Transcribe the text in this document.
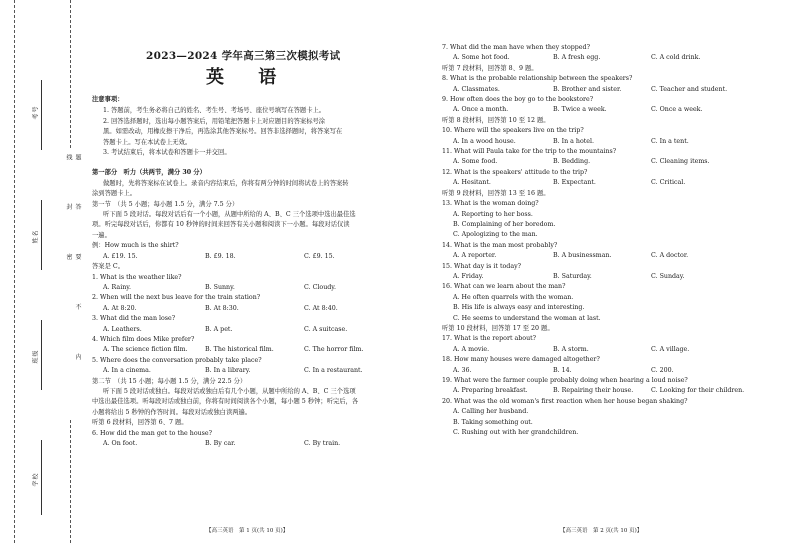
考号
姓名
班级
学校
题 答 要 不 内 线 封 密
2023—2024 学年高三第三次模拟考试
英 语
注意事项：
1. 答题前，考生务必将自己的姓名、考生号、考场号、座位号填写在答题卡上。
2. 回答选择题时，选出每小题答案后，用铅笔把答题卡上对应题目的答案标号涂
黑。如需改动，用橡皮擦干净后，再选涂其他答案标号。回答非选择题时，将答案写在
答题卡上。写在本试卷上无效。
3. 考试结束后，将本试卷和答题卡一并交回。
第一部分　听力（共两节，满分 30 分）
做题时，先将答案标在试卷上。录音内容结束后，你将有两分钟的时间将试卷上的答案转
涂到答题卡上。
第一节　（共 5 小题；每小题 1.5 分，满分 7.5 分）
听下面 5 段对话。每段对话后有一个小题，从题中所给的 A、B、C 三个选项中选出最佳选
项。听完每段对话后，你都有 10 秒钟的时间来回答有关小题和阅读下一小题。每段对话仅读
一遍。
例：How much is the shirt?
A. £19. 15.	B. £9. 18.	C. £9. 15.
答案是 C。
1. What is the weather like?
A. Rainy.	B. Sunny.	C. Cloudy.
2. When will the next bus leave for the train station?
A. At 8:20.	B. At 8:30.	C. At 8:40.
3. What did the man lose?
A. Leathers.	B. A pet.	C. A suitcase.
4. Which film does Mike prefer?
A. The science fiction film.	B. The historical film.	C. The horror film.
5. Where does the conversation probably take place?
A. In a cinema.	B. In a library.	C. In a restaurant.
第二节　（共 15 小题；每小题 1.5 分，满分 22.5 分）
听下面 5 段对话或独白。每段对话或独白后有几个小题，从题中所给的 A、B、C 三个选项
中选出最佳选项。听每段对话或独白前，你将有时间阅读各个小题，每小题 5 秒钟；听完后，各
小题将给出 5 秒钟的作答时间。每段对话或独白读两遍。
听第 6 段材料，回答第 6、7 题。
6. How did the man get to the house?
A. On foot.	B. By car.	C. By train.
【高三英语　第 1 页(共 10 页)】
7. What did the man have when they stopped?
A. Some hot food.	B. A fresh egg.	C. A cold drink.
听第 7 段材料，回答第 8、9 题。
8. What is the probable relationship between the speakers?
A. Classmates.	B. Brother and sister.	C. Teacher and student.
9. How often does the boy go to the bookstore?
A. Once a month.	B. Twice a week.	C. Once a week.
听第 8 段材料，回答第 10 至 12 题。
10. Where will the speakers live on the trip?
A. In a wood house.	B. In a hotel.	C. In a tent.
11. What will Paula take for the trip to the mountains?
A. Some food.	B. Bedding.	C. Cleaning items.
12. What is the speakers' attitude to the trip?
A. Hesitant.	B. Expectant.	C. Critical.
听第 9 段材料，回答第 13 至 16 题。
13. What is the woman doing?
A. Reporting to her boss.
B. Complaining of her boredom.
C. Apologizing to the man.
14. What is the man most probably?
A. A reporter.	B. A businessman.	C. A doctor.
15. What day is it today?
A. Friday.	B. Saturday.	C. Sunday.
16. What can we learn about the man?
A. He often quarrels with the woman.
B. His life is always easy and interesting.
C. He seems to understand the woman at last.
听第 10 段材料，回答第 17 至 20 题。
17. What is the report about?
A. A movie.	B. A storm.	C. A village.
18. How many houses were damaged altogether?
A. 36.	B. 14.	C. 200.
19. What were the farmer couple probably doing when hearing a loud noise?
A. Preparing breakfast.	B. Repairing their house.	C. Looking for their children.
20. What was the old woman's first reaction when her house began shaking?
A. Calling her husband.
B. Taking something out.
C. Rushing out with her grandchildren.
【高三英语　第 2 页(共 10 页)】
